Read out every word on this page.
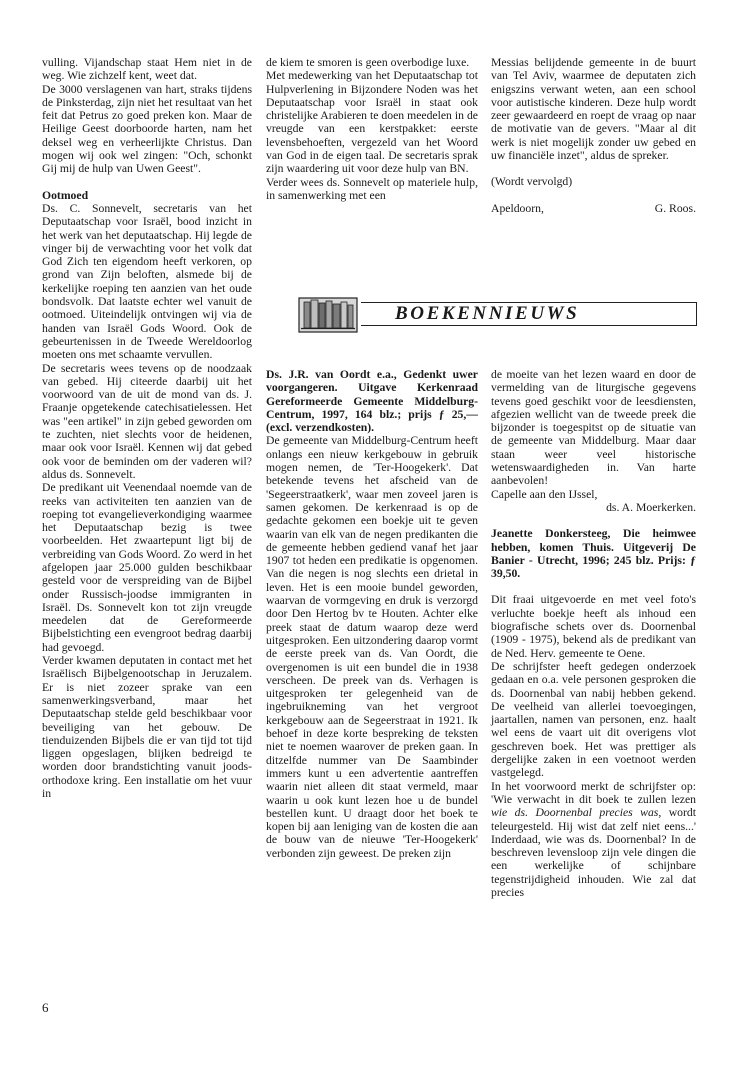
vulling. Vijandschap staat Hem niet in de weg. Wie zichzelf kent, weet dat.

De 3000 verslagenen van hart, straks tijdens de Pinksterdag, zijn niet het resultaat van het feit dat Petrus zo goed preken kon. Maar de Heilige Geest doorboorde harten, nam het deksel weg en verheerlijkte Christus. Dan mogen wij ook wel zingen: "Och, schonkt Gij mij de hulp van Uwen Geest".

Ootmoed

Ds. C. Sonnevelt, secretaris van het Deputaatschap voor Israël, bood inzicht in het werk van het deputaatschap. Hij legde de vinger bij de verwachting voor het volk dat God Zich ten eigendom heeft verkoren, op grond van Zijn beloften, alsmede bij de kerkelijke roeping ten aanzien van het oude bondsvolk. Dat laatste echter wel vanuit de ootmoed. Uiteindelijk ontvingen wij via de handen van Israël Gods Woord. Ook de gebeurtenissen in de Tweede Wereldoorlog moeten ons met schaamte vervullen.

De secretaris wees tevens op de noodzaak van gebed. Hij citeerde daarbij uit het voorwoord van de uit de mond van ds. J. Fraanje opgetekende catechisatielessen. Het was "een artikel" in zijn gebed geworden om te zuchten, niet slechts voor de heidenen, maar ook voor Israël. Kennen wij dat gebed ook voor de beminden om der vaderen wil? aldus ds. Sonnevelt.

De predikant uit Veenendaal noemde van de reeks van activiteiten ten aanzien van de roeping tot evangelieverkondiging waarmee het Deputaatschap bezig is twee voorbeelden. Het zwaartepunt ligt bij de verbreiding van Gods Woord. Zo werd in het afgelopen jaar 25.000 gulden beschikbaar gesteld voor de verspreiding van de Bijbel onder Russisch-joodse immigranten in Israël. Ds. Sonnevelt kon tot zijn vreugde meedelen dat de Gereformeerde Bijbelstichting een evengroot bedrag daarbij had gevoegd.

Verder kwamen deputaten in contact met het Israëlisch Bijbelgenootschap in Jeruzalem. Er is niet zozeer sprake van een samenwerkingsverband, maar het Deputaatschap stelde geld beschikbaar voor beveiliging van het gebouw. De tienduizenden Bijbels die er van tijd tot tijd liggen opgeslagen, blijken bedreigd te worden door brandstichting vanuit joods-orthodoxe kring. Een installatie om het vuur in

de kiem te smoren is geen overbodige luxe.

Met medewerking van het Deputaatschap tot Hulpverlening in Bijzondere Noden was het Deputaatschap voor Israël in staat ook christelijke Arabieren te doen meedelen in de vreugde van een kerstpakket: eerste levensbehoeften, vergezeld van het Woord van God in de eigen taal. De secretaris sprak zijn waardering uit voor deze hulp van BN.

Verder wees ds. Sonnevelt op materiele hulp, in samenwerking met een

Messias belijdende gemeente in de buurt van Tel Aviv, waarmee de deputaten zich enigszins verwant weten, aan een school voor autistische kinderen. Deze hulp wordt zeer gewaardeerd en roept de vraag op naar de motivatie van de gevers. "Maar al dit werk is niet mogelijk zonder uw gebed en uw financiële inzet", aldus de spreker.

(Wordt vervolgd)

Apeldoorn,	G. Roos.

BOEKENNIEUWS

Ds. J.R. van Oordt e.a., Gedenkt uwer voorgangeren. Uitgave Kerkenraad Gereformeerde Gemeente Middelburg-Centrum, 1997, 164 blz.; prijs ƒ 25,— (excl. verzendkosten).

De gemeente van Middelburg-Centrum heeft onlangs een nieuw kerkgebouw in gebruik mogen nemen, de 'Ter-Hoogekerk'. Dat betekende tevens het afscheid van de 'Segeerstraatkerk', waar men zoveel jaren is samen gekomen. De kerkenraad is op de gedachte gekomen een boekje uit te geven waarin van elk van de negen predikanten die de gemeente hebben gediend vanaf het jaar 1907 tot heden een predikatie is opgenomen. Van die negen is nog slechts een drietal in leven. Het is een mooie bundel geworden, waarvan de vormgeving en druk is verzorgd door Den Hertog bv te Houten. Achter elke preek staat de datum waarop deze werd uitgesproken. Een uitzondering daarop vormt de eerste preek van ds. Van Oordt, die overgenomen is uit een bundel die in 1938 verscheen. De preek van ds. Verhagen is uitgesproken ter gelegenheid van de ingebruikneming van het vergroot kerkgebouw aan de Segeerstraat in 1921. Ik behoef in deze korte bespreking de teksten niet te noemen waarover de preken gaan. In ditzelfde nummer van De Saambinder immers kunt u een advertentie aantreffen waarin niet alleen dit staat vermeld, maar waarin u ook kunt lezen hoe u de bundel bestellen kunt. U draagt door het boek te kopen bij aan leniging van de kosten die aan de bouw van de nieuwe 'Ter-Hoogekerk' verbonden zijn geweest. De preken zijn

de moeite van het lezen waard en door de vermelding van de liturgische gegevens tevens goed geschikt voor de leesdiensten, afgezien wellicht van de tweede preek die bijzonder is toegespitst op de situatie van de gemeente van Middelburg. Maar daar staan weer veel historische wetenswaardigheden in. Van harte aanbevolen!

Capelle aan den IJssel,

ds. A. Moerkerken.

Jeanette Donkersteeg, Die heimwee hebben, komen Thuis. Uitgeverij De Banier - Utrecht, 1996; 245 blz. Prijs: ƒ 39,50.

Dit fraai uitgevoerde en met veel foto's verluchte boekje heeft als inhoud een biografische schets over ds. Doornenbal (1909 - 1975), bekend als de predikant van de Ned. Herv. gemeente te Oene.

De schrijfster heeft gedegen onderzoek gedaan en o.a. vele personen gesproken die ds. Doornenbal van nabij hebben gekend. De veelheid van allerlei toevoegingen, jaartallen, namen van personen, enz. haalt wel eens de vaart uit dit overigens vlot geschreven boek. Het was prettiger als dergelijke zaken in een voetnoot werden vastgelegd.

In het voorwoord merkt de schrijfster op: 'Wie verwacht in dit boek te zullen lezen wie ds. Doornenbal precies was, wordt teleurgesteld. Hij wist dat zelf niet eens...' Inderdaad, wie was ds. Doornenbal? In de beschreven levensloop zijn vele dingen die een werkelijke of schijnbare tegenstrijdigheid inhouden. Wie zal dat precies

6
